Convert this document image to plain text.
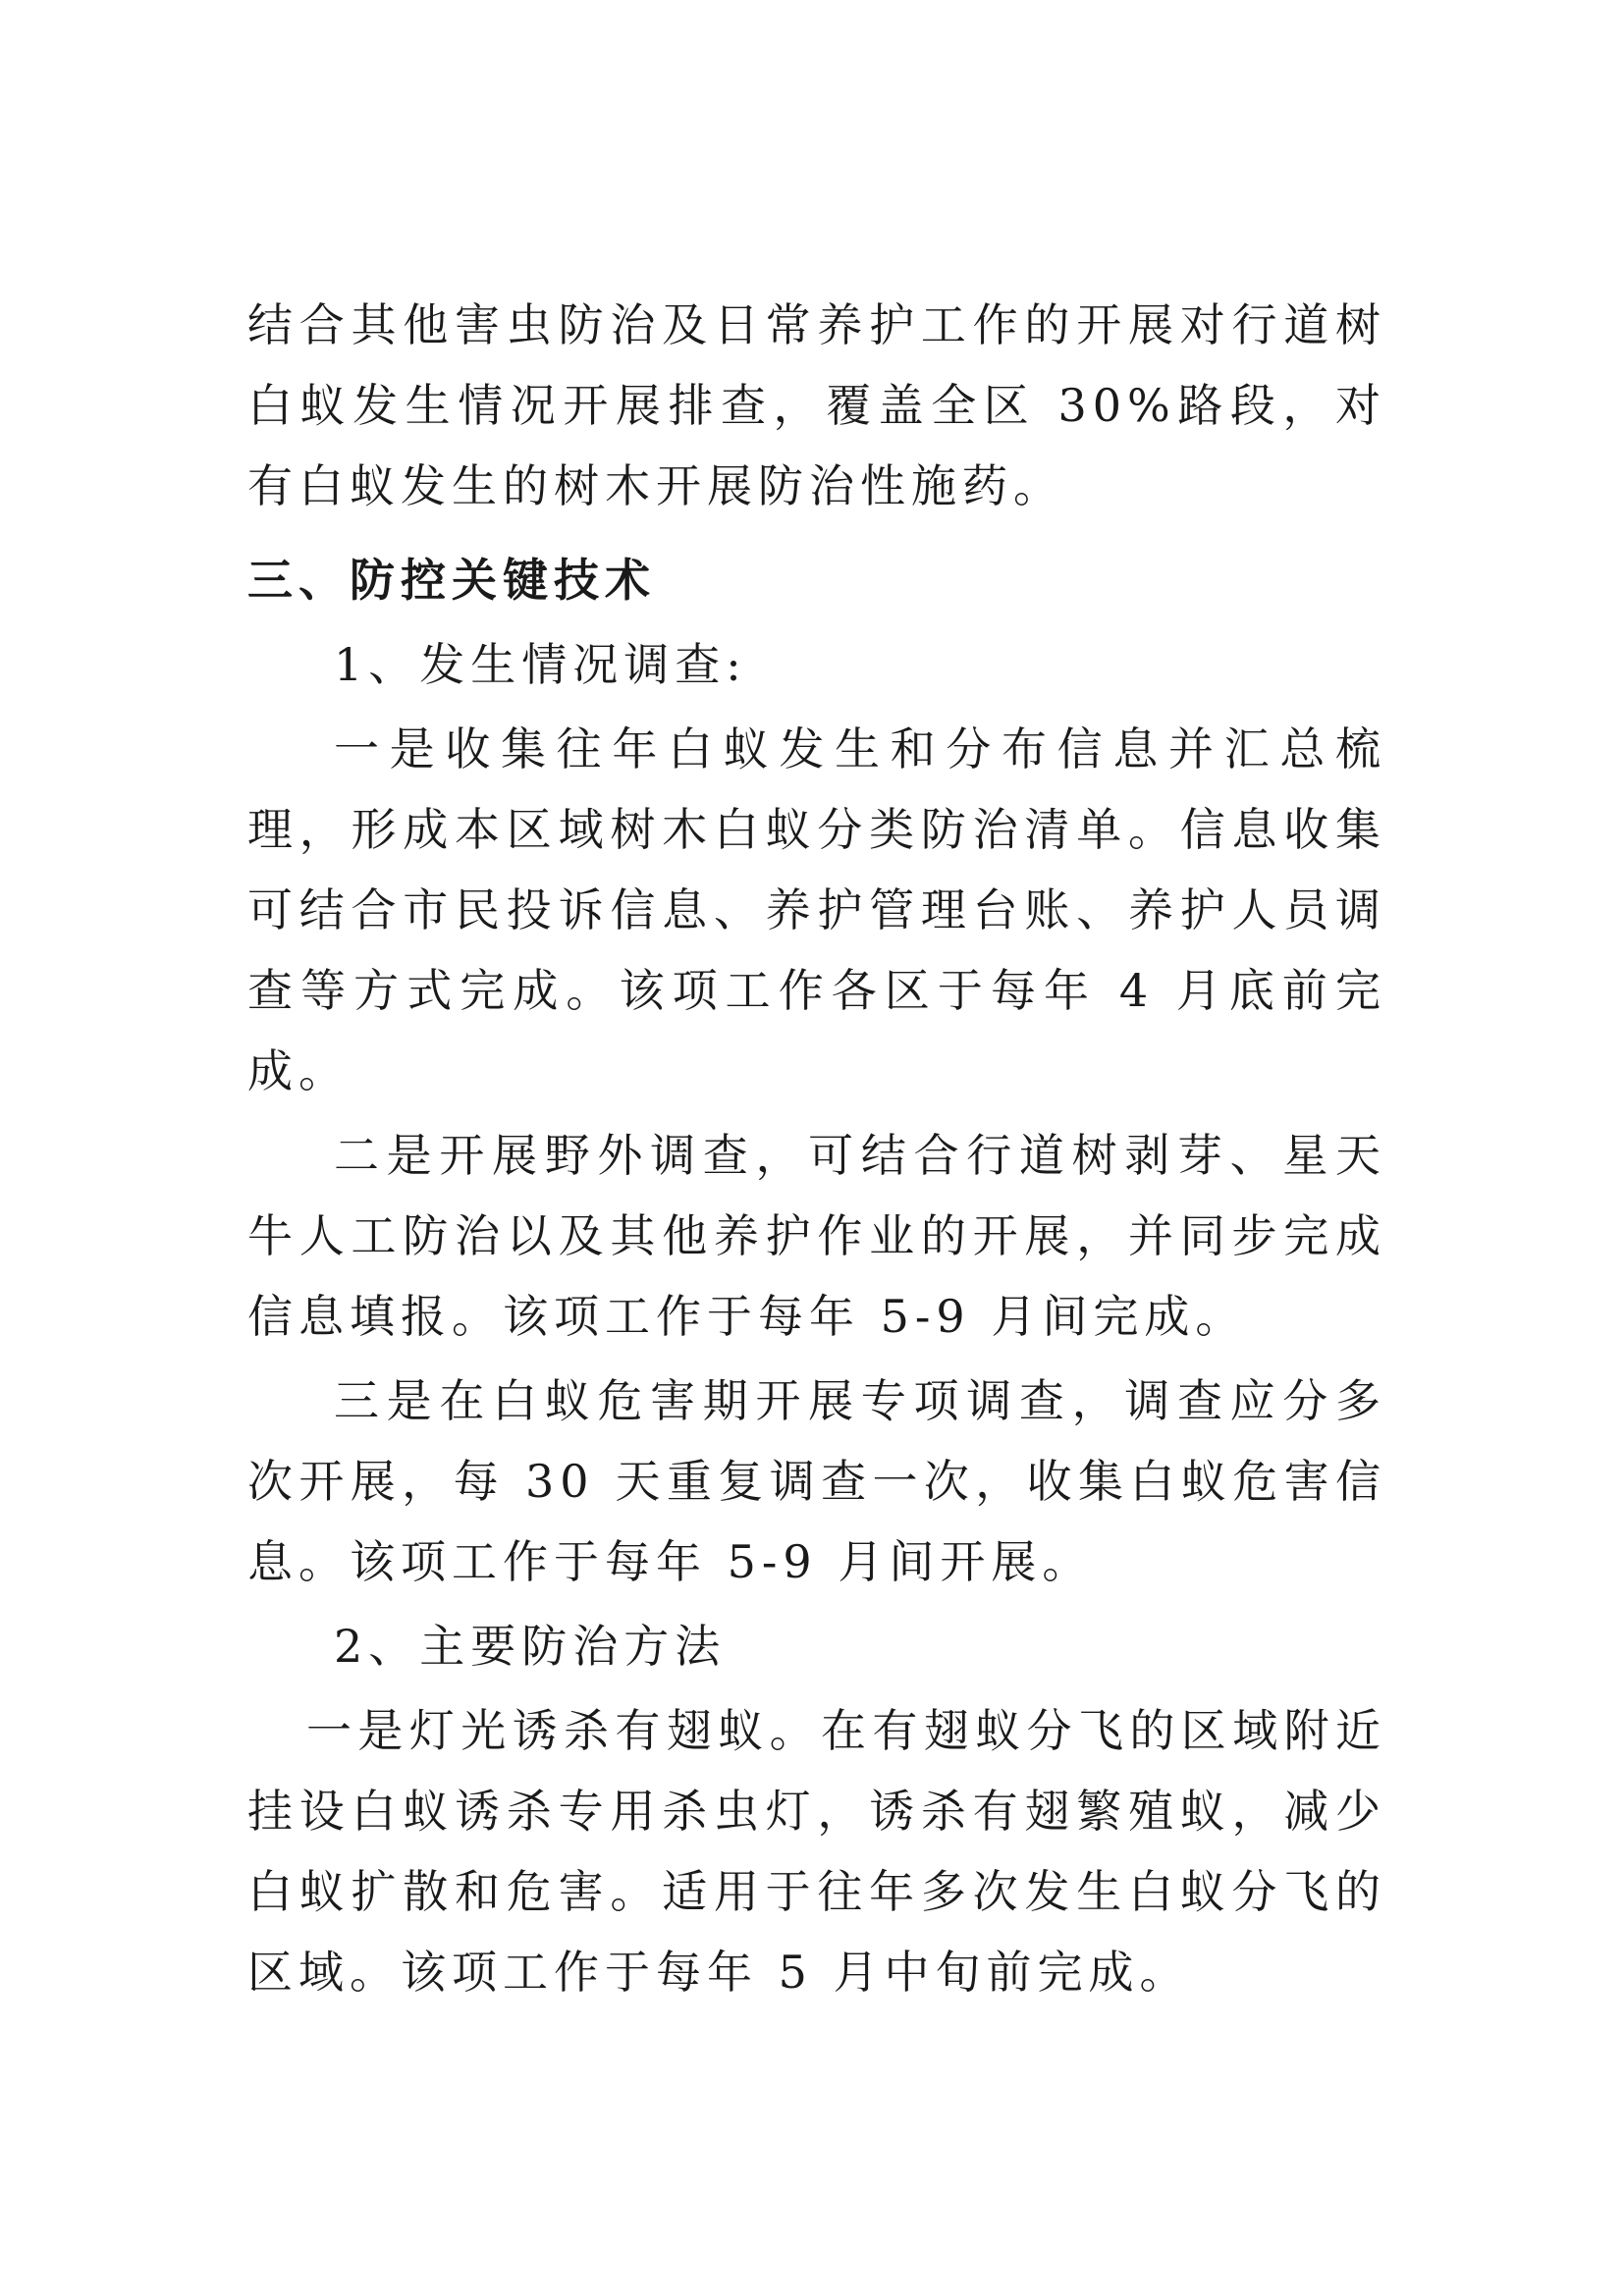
结合其他害虫防治及日常养护工作的开展对行道树白蚁发生情况开展排查，覆盖全区 30%路段，对有白蚁发生的树木开展防治性施药。

三、防控关键技术

1、发生情况调查:

一是收集往年白蚁发生和分布信息并汇总梳理，形成本区域树木白蚁分类防治清单。信息收集可结合市民投诉信息、养护管理台账、养护人员调查等方式完成。该项工作各区于每年 4 月底前完成。

二是开展野外调查，可结合行道树剥芽、星天牛人工防治以及其他养护作业的开展，并同步完成信息填报。该项工作于每年 5-9 月间完成。

三是在白蚁危害期开展专项调查，调查应分多次开展，每 30 天重复调查一次，收集白蚁危害信息。该项工作于每年 5-9 月间开展。

2、主要防治方法

一是灯光诱杀有翅蚁。在有翅蚁分飞的区域附近挂设白蚁诱杀专用杀虫灯，诱杀有翅繁殖蚁，减少白蚁扩散和危害。适用于往年多次发生白蚁分飞的区域。该项工作于每年 5 月中旬前完成。
